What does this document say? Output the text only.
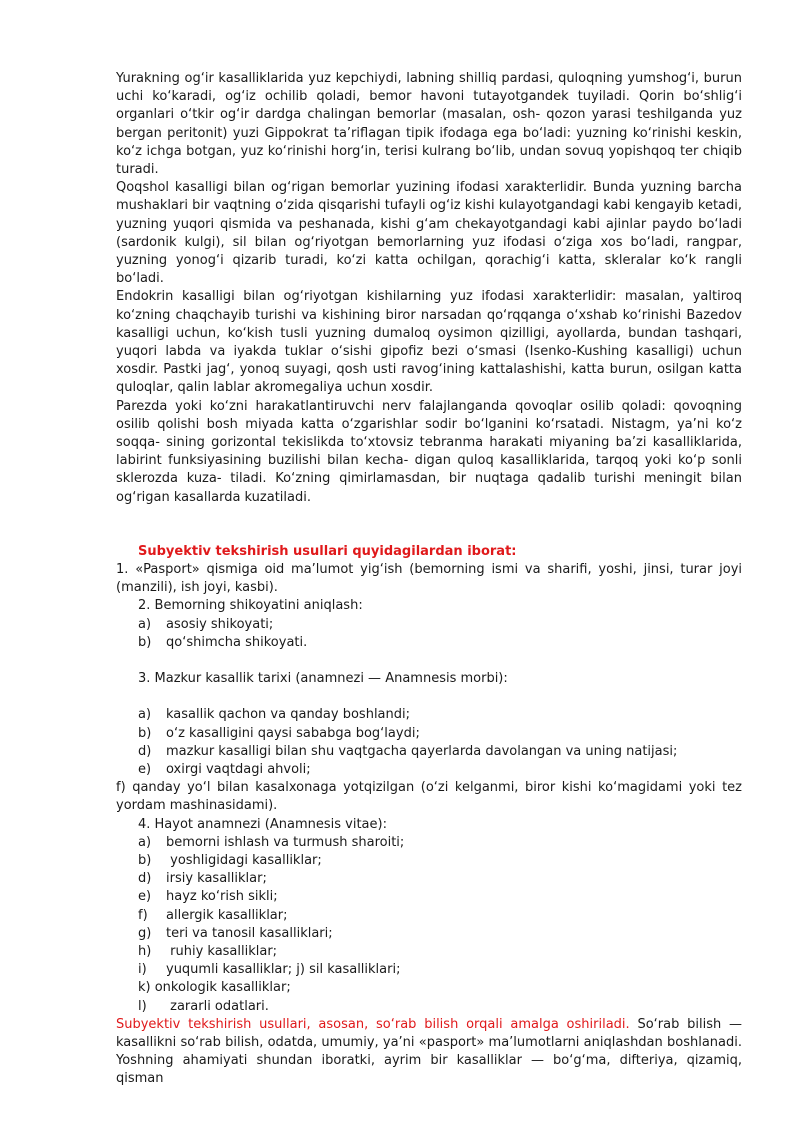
Yurakning og‘ir kasalliklarida yuz kepchiydi, labning shilliq pardasi, quloqning yumshog‘i, burun uchi ko‘karadi, og‘iz ochilib qoladi, bemor havoni tutayotgandek tuyiladi. Qorin bo‘shlig‘i organlari o‘tkir og‘ir dardga chalingan bemorlar (masalan, osh- qozon yarasi teshilganda yuz bergan peritonit) yuzi Gippokrat ta’riflagan tipik ifodaga ega bo‘ladi: yuzning ko‘rinishi keskin, ko‘z ichga botgan, yuz ko‘rinishi horg‘in, terisi kulrang bo‘lib, undan sovuq yopishqoq ter chiqib turadi.

Qoqshol kasalligi bilan og‘rigan bemorlar yuzining ifodasi xarakterlidir. Bunda yuzning barcha mushaklari bir vaqtning o‘zida qisqarishi tufayli og‘iz kishi kulayotgandagi kabi kengayib ketadi, yuzning yuqori qismida va peshanada, kishi g‘am chekayotgandagi kabi ajinlar paydo bo‘ladi (sardonik kulgi), sil bilan og‘riyotgan bemorlarning yuz ifodasi o‘ziga xos bo‘ladi, rangpar, yuzning yonog‘i qizarib turadi, ko‘zi katta ochilgan, qorachig‘i katta, skleralar ko‘k rangli bo‘ladi.

Endokrin kasalligi bilan og‘riyotgan kishilarning yuz ifodasi xarakterlidir: masalan, yaltiroq ko‘zning chaqchayib turishi va kishining biror narsadan qo‘rqqanga o‘xshab ko‘rinishi Bazedov kasalligi uchun, ko‘kish tusli yuzning dumaloq oysimon qizilligi, ayollarda, bundan tashqari, yuqori labda va iyakda tuklar o‘sishi gipofiz bezi o‘smasi (Isenko-Kushing kasalligi) uchun xosdir. Pastki jag‘, yonoq suyagi, qosh usti ravog‘ining kattalashishi, katta burun, osilgan katta quloqlar, qalin lablar akromegaliya uchun xosdir.

Parezda yoki ko‘zni harakatlantiruvchi nerv falajlanganda qovoqlar osilib qoladi: qovoqning osilib qolishi bosh miyada katta o‘zgarishlar sodir bo‘lganini ko‘rsatadi. Nistagm, ya’ni ko‘z soqqa- sining gorizontal tekislikda to‘xtovsiz tebranma harakati miyaning ba’zi kasalliklarida, labirint funksiyasining buzilishi bilan kecha- digan quloq kasalliklarida, tarqoq yoki ko‘p sonli sklerozda kuza- tiladi. Ko‘zning qimirlamasdan, bir nuqtaga qadalib turishi meningit bilan og‘rigan kasallarda kuzatiladi.

Subyektiv tekshirish usullari quyidagilardan iborat:

1. «Pasport» qismiga oid ma’lumot yig‘ish (bemorning ismi va sharifi, yoshi, jinsi, turar joyi (manzili), ish joyi, kasbi).

2. Bemorning shikoyatini aniqlash:

a) asosiy shikoyati;

b) qo‘shimcha shikoyati.

3. Mazkur kasallik tarixi (anamnezi — Anamnesis morbi):

a) kasallik qachon va qanday boshlandi;

b) o‘z kasalligini qaysi sababga bog‘laydi;

d) mazkur kasalligi bilan shu vaqtgacha qayerlarda davolangan va uning natijasi;

e) oxirgi vaqtdagi ahvoli;

f) qanday yo‘l bilan kasalxonaga yotqizilgan (o‘zi kelganmi, biror kishi ko‘magidami yoki tez yordam mashinasidami).

4. Hayot anamnezi (Anamnesis vitae):

a) bemorni ishlash va turmush sharoiti;

b) yoshligidagi kasalliklar;

d) irsiy kasalliklar;

e) hayz ko‘rish sikli;

f) allergik kasalliklar;

g) teri va tanosil kasalliklari;

h) ruhiy kasalliklar;

i) yuqumli kasalliklar; j) sil kasalliklari;

k) onkologik kasalliklar;

l) zararli odatlari.

Subyektiv tekshirish usullari, asosan, so‘rab bilish orqali amalga oshiriladi. So‘rab bilish — kasallikni so‘rab bilish, odatda, umumiy, ya’ni «pasport» ma’lumotlarni aniqlashdan boshlanadi. Yoshning ahamiyati shundan iboratki, ayrim bir kasalliklar — bo‘g‘ma, difteriya, qizamiq, qisman
